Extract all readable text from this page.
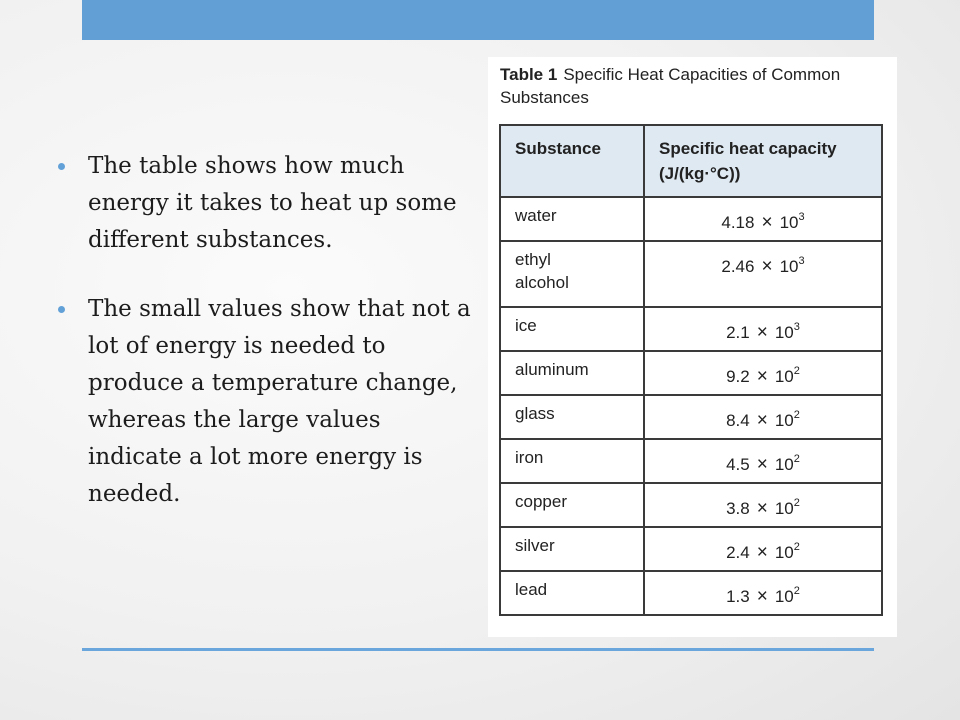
The table shows how much energy it takes to heat up some different substances.
The small values show that not a lot of energy is needed to produce a temperature change, whereas the large values indicate a lot more energy is needed.
Table 1 Specific Heat Capacities of Common Substances
Substance	Specific heat capacity (J/(kg·°C))
water	$4.18 \times 10^3$
ethyl alcohol	$2.46 \times 10^3$
ice	$2.1 \times 10^3$
aluminum	$9.2 \times 10^2$
glass	$8.4 \times 10^2$
iron	$4.5 \times 10^2$
copper	$3.8 \times 10^2$
silver	$2.4 \times 10^2$
lead	$1.3 \times 10^2$
